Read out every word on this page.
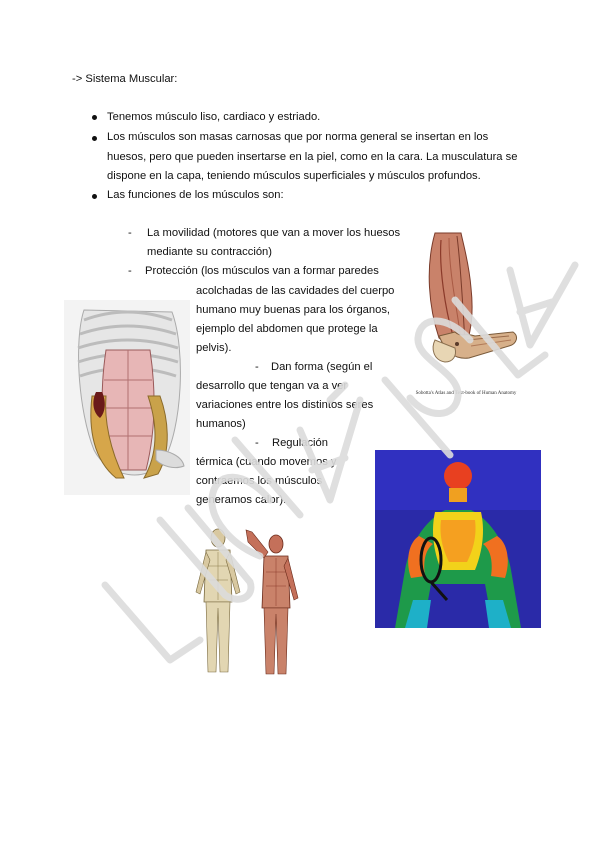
-> Sistema Muscular:
Tenemos músculo liso, cardiaco y estriado.
Los músculos son masas carnosas que por norma general se insertan en los
huesos, pero que pueden insertarse en la piel, como en la cara. La musculatura se
dispone en la capa, teniendo músculos superficiales y músculos profundos.
Las funciones de los músculos son:
- La movilidad (motores que van a mover los huesos
mediante su contracción)
- Protección (los músculos van a formar paredes
acolchadas de las cavidades del cuerpo
humano muy buenas para los órganos,
ejemplo del abdomen que protege la
pelvis).
- Dan forma (según el
desarrollo que tengan va a ver
variaciones entre los distintos seres
humanos)
- Regulación
térmica (cuando movemos y
contraemos los músculos
generamos calor).
Sobotta's Atlas and Text-book of Human Anatomy
